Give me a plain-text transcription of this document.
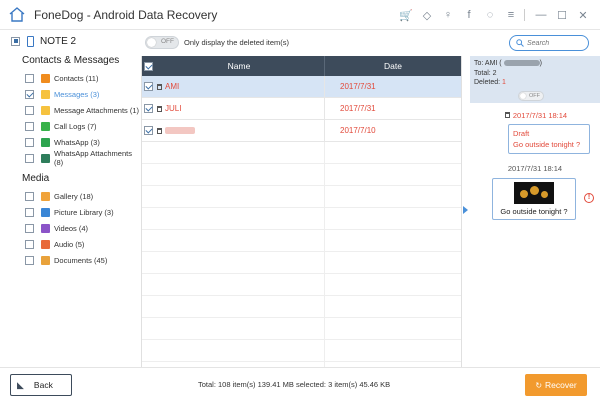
FoneDog - Android Data Recovery	🛒 ◇	♀	f	◌	≡	— ☐	✕
NOTE 2
Contacts & Messages
Contacts (11)
Messages (3)
Message Attachments (1)
Call Logs (7)
WhatsApp (3)
WhatsApp Attachments (8)
Media
Gallery (18)
Picture Library (3)
Videos (4)
Audio (5)
Documents (45)
OFF Only display the deleted item(s)
Search
Name	Date
AMI	2017/7/31
JULI	2017/7/31
2017/7/10
To: AMI (	)
Total: 2
Deleted: 1
OFF
2017/7/31 18:14
Draft
Go outside tonight ?
2017/7/31 18:14
Go outside tonight ?
!
◣ Back	Total: 108 item(s) 139.41 MB selected: 3 item(s) 45.46 KB	↻ Recover
